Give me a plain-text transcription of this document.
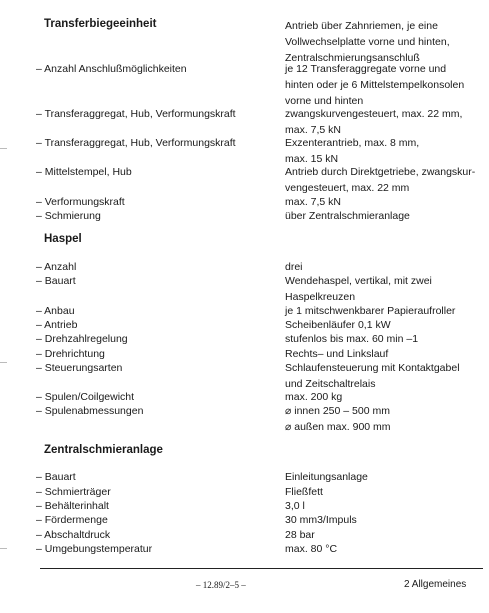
Transferbiegeeinheit	Antrieb über Zahnriemen, je eine
Vollwechselplatte vorne und hinten,
Zentralschmierungsanschluß
– Anzahl Anschlußmöglichkeiten	je 12 Transferaggregate vorne und
hinten oder je 6 Mittelstempelkonsolen
vorne und hinten
– Transferaggregat, Hub, Verformungskraft	zwangskurvengesteuert, max. 22 mm,
max. 7,5 kN
– Transferaggregat, Hub, Verformungskraft	Exzenterantrieb, max. 8 mm,
max. 15 kN
– Mittelstempel, Hub	Antrieb durch Direktgetriebe, zwangskur-
vengesteuert, max. 22 mm
– Verformungskraft	max. 7,5 kN
– Schmierung	über Zentralschmieranlage
Haspel
– Anzahl	drei
– Bauart	Wendehaspel, vertikal, mit zwei
Haspelkreuzen
– Anbau	je 1 mitschwenkbarer Papieraufroller
– Antrieb	Scheibenläufer 0,1 kW
– Drehzahlregelung	stufenlos bis max. 60 min –1
– Drehrichtung	Rechts– und Linkslauf
– Steuerungsarten	Schlaufensteuerung mit Kontaktgabel
und Zeitschaltrelais
– Spulen/Coilgewicht	max. 200 kg
– Spulenabmessungen	⌀ innen 250 – 500 mm
⌀ außen max. 900 mm
Zentralschmieranlage
– Bauart	Einleitungsanlage
– Schmierträger	Fließfett
– Behälterinhalt	3,0 l
– Fördermenge	30 mm3/Impuls
– Abschaltdruck	28 bar
– Umgebungstemperatur	max. 80 °C
– 12.89/2–5 –	2 Allgemeines
